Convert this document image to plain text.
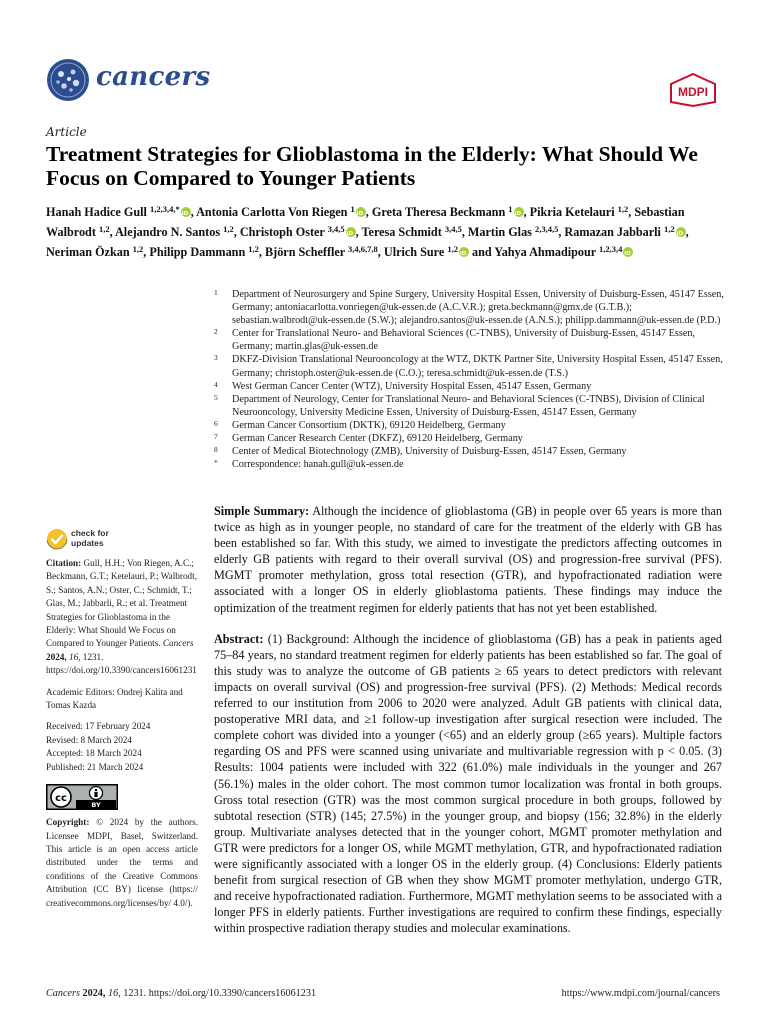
cancers	MDPI
Article
Treatment Strategies for Glioblastoma in the Elderly: What Should We Focus on Compared to Younger Patients
Hanah Hadice Gull $^{1,2,3,4,*}$ iD , Antonia Carlotta Von Riegen $^1$ iD , Greta Theresa Beckmann $^1$ iD , Pikria Ketelauri $^{1,2}$, Sebastian Walbrodt $^{1,2}$, Alejandro N. Santos $^{1,2}$, Christoph Oster $^{3,4,5}$ iD , Teresa Schmidt $^{3,4,5}$, Martin Glas $^{2,3,4,5}$, Ramazan Jabbarli $^{1,2}$ iD , Neriman Özkan $^{1,2}$, Philipp Dammann $^{1,2}$, Björn Scheffler $^{3,4,6,7,8}$, Ulrich Sure $^{1,2}$ iD and Yahya Ahmadipour $^{1,2,3,4}$iD
1 Department of Neurosurgery and Spine Surgery, University Hospital Essen, University of Duisburg-Essen, 45147 Essen, Germany; antoniacarlotta.vonriegen@uk-essen.de (A.C.V.R.); greta.beckmann@gmx.de (G.T.B.); sebastian.walbrodt@uk-essen.de (S.W.); alejandro.santos@uk-essen.de (A.N.S.); philipp.dammann@uk-essen.de (P.D.)
2 Center for Translational Neuro- and Behavioral Sciences (C-TNBS), University of Duisburg-Essen, 45147 Essen, Germany; martin.glas@uk-essen.de
3 DKFZ-Division Translational Neurooncology at the WTZ, DKTK Partner Site, University Hospital Essen, 45147 Essen, Germany; christoph.oster@uk-essen.de (C.O.); teresa.schmidt@uk-essen.de (T.S.)
4 West German Cancer Center (WTZ), University Hospital Essen, 45147 Essen, Germany
5 Department of Neurology, Center for Translational Neuro- and Behavioral Sciences (C-TNBS), Division of Clinical Neurooncology, University Medicine Essen, University of Duisburg-Essen, 45147 Essen, Germany
6 German Cancer Consortium (DKTK), 69120 Heidelberg, Germany
7 German Cancer Research Center (DKFZ), 69120 Heidelberg, Germany
8 Center of Medical Biotechnology (ZMB), University of Duisburg-Essen, 45147 Essen, Germany
* Correspondence: hanah.gull@uk-essen.de
check for
updates

Citation: Gull, H.H.; Von Riegen, A.C.; Beckmann, G.T.; Ketelauri, P.; Walbrodt, S.; Santos, A.N.; Oster, C.; Schmidt, T.; Glas, M.; Jabbarli, R.; et al. Treatment Strategies for Glioblastoma in the Elderly: What Should We Focus on Compared to Younger Patients. Cancers 2024, 16, 1231. https://doi.org/10.3390/cancers16061231

Academic Editors: Ondrej Kalita and Tomas Kazda

Received: 17 February 2024
Revised: 8 March 2024
Accepted: 18 March 2024
Published: 21 March 2024

cc
BY

Copyright: © 2024 by the authors. Licensee MDPI, Basel, Switzerland. This article is an open access article distributed under the terms and conditions of the Creative Commons Attribution (CC BY) license (https:// creativecommons.org/licenses/by/ 4.0/).

Simple Summary: Although the incidence of glioblastoma (GB) in people over 65 years is more than twice as high as in younger people, no standard of care for the treatment of the elderly with GB has been established so far. With this study, we aimed to investigate the predictors affecting outcomes in elderly GB patients with regard to their overall survival (OS) and progression-free survival (PFS). MGMT promoter methylation, gross total resection (GTR), and hypofractionated radiation were associated with a longer OS in elderly glioblastoma patients. These findings may induce the optimization of the treatment regimen for elderly patients that has not yet been established.

Abstract: (1) Background: Although the incidence of glioblastoma (GB) has a peak in patients aged 75–84 years, no standard treatment regimen for elderly patients has been established so far. The goal of this study was to analyze the outcome of GB patients ≥ 65 years to detect predictors with relevant impacts on overall survival (OS) and progression-free survival (PFS). (2) Methods: Medical records referred to our institution from 2006 to 2020 were analyzed. Adult GB patients with clinical data, postoperative MRI data, and ≥1 follow-up investigation after surgical resection were included. The complete cohort was divided into a younger (<65) and an elderly group (≥65 years). Multiple factors regarding OS and PFS were scanned using univariate and multivariable regression with p < 0.05. (3) Results: 1004 patients were included with 322 (61.0%) male individuals in the younger and 267 (56.1%) males in the older cohort. The most common tumor localization was frontal in both groups. Gross total resection (GTR) was the most common surgical procedure in both groups, followed by subtotal resection (STR) (145; 27.5%) in the younger group, and biopsy (156; 32.8%) in the elderly group. Multivariate analyses detected that in the younger cohort, MGMT promoter methylation and GTR were predictors for a longer OS, while MGMT methylation, GTR, and hypofractionated radiation were significantly associated with a longer OS in the elderly group. (4) Conclusions: Elderly patients benefit from surgical resection of GB when they show MGMT promoter methylation, undergo GTR, and receive hypofractionated radiation. Furthermore, MGMT methylation seems to be associated with a longer PFS in elderly patients. Further investigations are required to confirm these findings, especially within prospective radiation therapy studies and molecular examinations.

Cancers 2024, 16, 1231. https://doi.org/10.3390/cancers16061231	https://www.mdpi.com/journal/cancers
